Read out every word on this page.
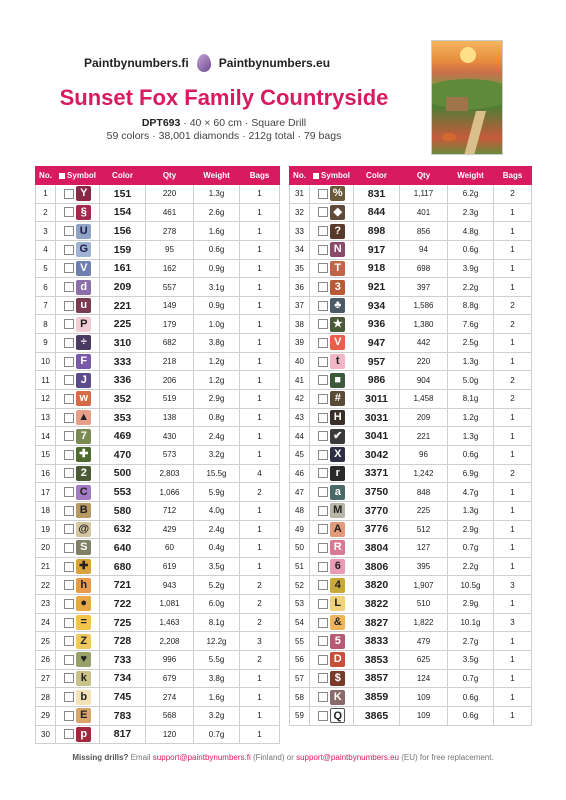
Paintbynumbers.fi	Paintbynumbers.eu
Sunset Fox Family Countryside
DPT693 · 40 × 60 cm · Square Drill
59 colors · 38,001 diamonds · 212g total · 79 bags
No.	Symbol	Color	Qty	Weight	Bags
1	Y	151	220	1.3g	1
2	§	154	461	2.6g	1
3	U	156	278	1.6g	1
4	G	159	95	0.6g	1
5	V	161	162	0.9g	1
6	d	209	557	3.1g	1
7	u	221	149	0.9g	1
8	P	225	179	1.0g	1
9	÷	310	682	3.8g	1
10	F	333	218	1.2g	1
11	J	336	206	1.2g	1
12	w	352	519	2.9g	1
13	▲	353	138	0.8g	1
14	7	469	430	2.4g	1
15	✚	470	573	3.2g	1
16	2	500	2,803	15.5g	4
17	C	553	1,066	5.9g	2
18	B	580	712	4.0g	1
19	@	632	429	2.4g	1
20	S	640	60	0.4g	1
21	✚	680	619	3.5g	1
22	h	721	943	5.2g	2
23	●	722	1,081	6.0g	2
24	=	725	1,463	8.1g	2
25	Z	728	2,208	12.2g	3
26	♥	733	996	5.5g	2
27	k	734	679	3.8g	1
28	b	745	274	1.6g	1
29	E	783	568	3.2g	1
30	p	817	120	0.7g	1
No.	Symbol	Color	Qty	Weight	Bags
31	%	831	1,117	6.2g	2
32	◆	844	401	2.3g	1
33	?	898	856	4.8g	1
34	N	917	94	0.6g	1
35	T	918	698	3.9g	1
36	3	921	397	2.2g	1
37	♣	934	1,586	8.8g	2
38	★	936	1,380	7.6g	2
39	V	947	442	2.5g	1
40	t	957	220	1.3g	1
41	■	986	904	5.0g	2
42	#	3011	1,458	8.1g	2
43	H	3031	209	1.2g	1
44	✔	3041	221	1.3g	1
45	X	3042	96	0.6g	1
46	r	3371	1,242	6.9g	2
47	a	3750	848	4.7g	1
48	M	3770	225	1.3g	1
49	A	3776	512	2.9g	1
50	R	3804	127	0.7g	1
51	6	3806	395	2.2g	1
52	4	3820	1,907	10.5g	3
53	L	3822	510	2.9g	1
54	&	3827	1,822	10.1g	3
55	5	3833	479	2.7g	1
56	D	3853	625	3.5g	1
57	$	3857	124	0.7g	1
58	K	3859	109	0.6g	1
59	Q	3865	109	0.6g	1
Missing drills? Email support@paintbynumbers.fi (Finland) or support@paintbynumbers.eu (EU) for free replacement.
